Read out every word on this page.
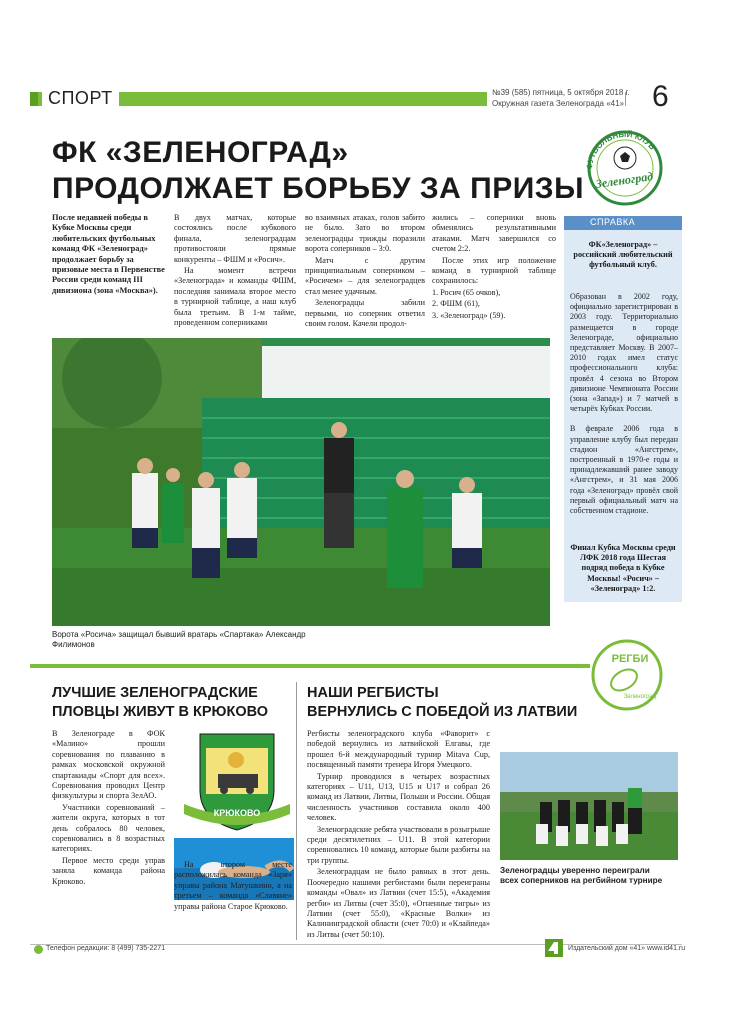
СПОРТ	№39 (585) пятница, 5 октября 2018 г.
Окружная газета Зеленограда «41» 6
ФК «ЗЕЛЕНОГРАД»
ПРОДОЛЖАЕТ БОРЬБУ ЗА ПРИЗЫ
ФУТБОЛЬНЫЙ КЛУБ
Зеленоград
После недавней победы в Кубке Москвы среди любительских футбольных команд ФК «Зеленоград» продолжает борьбу за призовые места в Первенстве России среди команд III дивизиона (зона «Москва»).

В двух матчах, которые состоялись после кубкового финала, зеленоградцам противостояли прямые конкуренты – ФШМ и «Росич».

На момент встречи «Зеленограда» и команды ФШМ, последняя занимала второе место в турнирной таблице, а наш клуб была третьим. В 1-м тайме, проведенном соперниками

во взаимных атаках, голов забито не было. Зато во втором зеленоградцы трижды поразили ворота соперников – 3:0.

Матч с другим принципиальным соперником – «Росичем» – для зеленоградцев стал менее удачным.

Зеленоградцы забили первыми, но соперник ответил своим голом. Качели продол-

жились – соперники вновь обменялись результативными атаками. Матч завершился со счетом 2:2.

После этих игр положение команд в турнирной таблице сохранилось:

1. Росич (65 очков),

2. ФШМ (61),

3. «Зеленоград» (59).

СПРАВКА
ФК«Зеленоград» – российский любительский футбольный клуб.

Образован в 2002 году, официально зарегистрирован в 2003 году. Территориально размещается в городе Зеленограде, официально представляет Москву. В 2007–2010 годах имел статус профессионального клуба: провёл 4 сезона во Втором дивизионе Чемпионата России (зона «Запад») и 7 матчей в четырёх Кубках России.

В феврале 2006 года в управление клубу был передан стадион «Ангстрем», построенный в 1970-е годы и принадлежавший ранее заводу «Ангстрем», и 31 мая 2006 года «Зеленоград» провёл свой первый официальный матч на собственном стадионе.

Финал Кубка Москвы среди ЛФК 2018 года Шестая подряд победа в Кубке Москвы! «Росич» – «Зеленоград» 1:2.
Ворота «Росича» защищал бывший вратарь «Спартака» Александр Филимонов
РЕГБИ
Зеленоград
ЛУЧШИЕ ЗЕЛЕНОГРАДСКИЕ
ПЛОВЦЫ ЖИВУТ В КРЮКОВО
НАШИ РЕГБИСТЫ
ВЕРНУЛИСЬ С ПОБЕДОЙ ИЗ ЛАТВИИ

В Зеленограде в ФОК «Малино» прошли соревнования по плаванию в рамках московской окружной спартакиады «Спорт для всех». Соревнования проводил Центр физкультуры и спорта ЗелАО.

Участники соревнований – жители округа, которых в тот день собралось 80 человек, соревновались в 8 возрастных категориях.

Первое место среди управ заняла команда района Крюково.

КРЮКОВО

На втором месте расположилась команда «Заря» управы района Матушкино, а на третьем – команда «Славяне» управы района Старое Крюково.

Регбисты зеленоградского клуба «Фаворит» с победой вернулись из латвийской Елгавы, где прошел 6-й международный турнир Mitava Cup, посвященный памяти тренера Игоря Умецкого.

Турнир проводился в четырех возрастных категориях – U11, U13, U15 и U17 и собрал 26 команд из Латвии, Литвы, Польши и России. Общая численность участников составила около 400 человек.

Зеленоградские ребята участвовали в розыгрыше среди десятилетних – U11. В этой категории соревновались 10 команд, которые были разбиты на три группы.

Зеленоградцам не было равных в этот день. Поочередно нашими регбистами были переиграны команды «Овал» из Латвии (счет 15:5), «Академия регби» из Литвы (счет 35:0), «Огненные тигры» из Латвии (счет 55:0), «Красные Волки» из Калининградской области (счет 70:0) и «Клайпеда» из Литвы (счет 50:10).

Зеленоградцы уверенно переиграли всех соперников на регбийном турнире
Телефон редакции: 8 (499) 735-2271	Издательский дом «41» www.id41.ru
